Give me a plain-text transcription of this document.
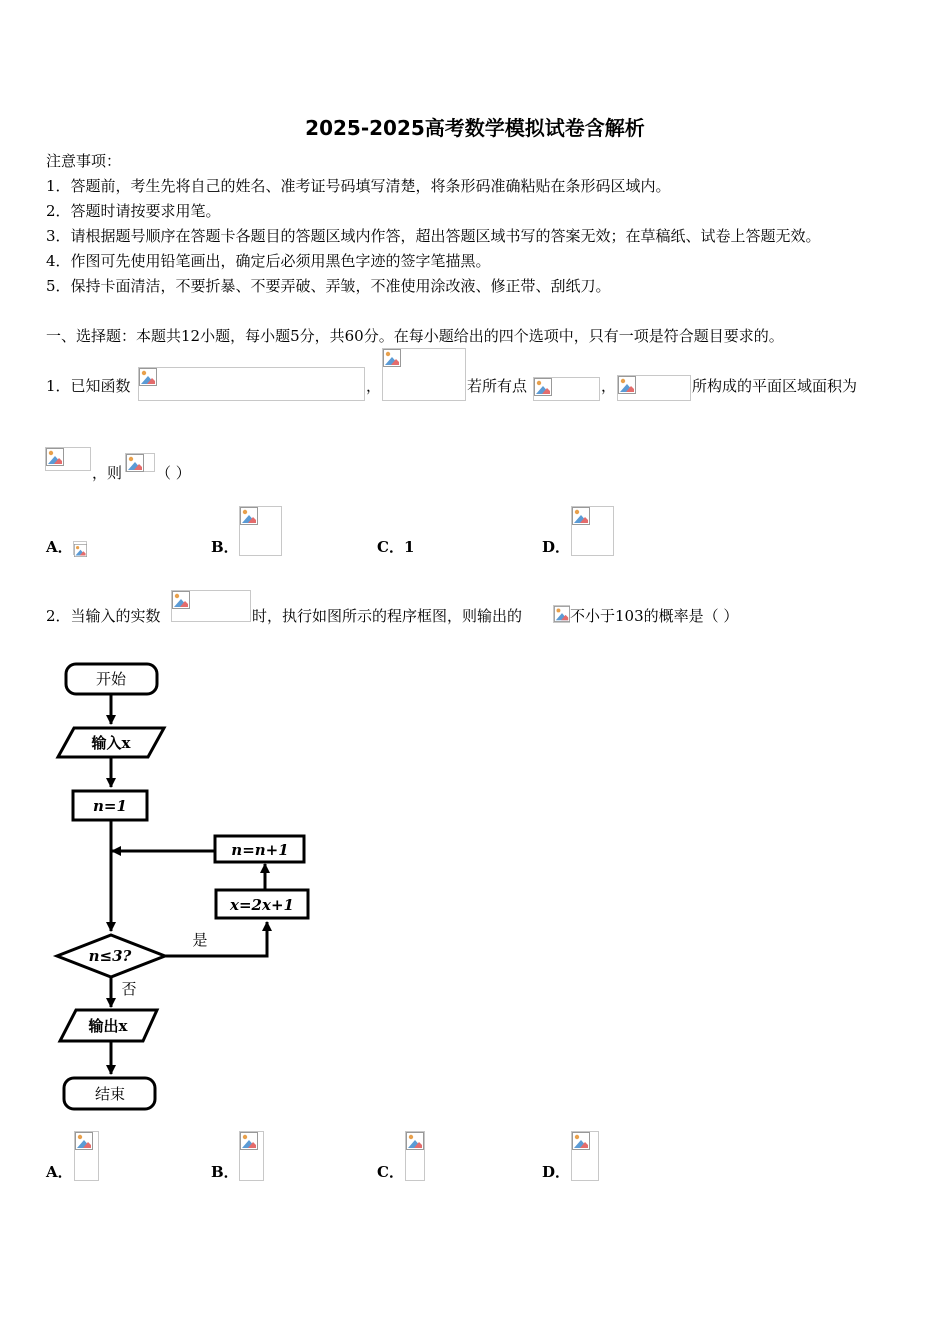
2025-2025高考数学模拟试卷含解析
注意事项：
1．答题前，考生先将自己的姓名、准考证号码填写清楚，将条形码准确粘贴在条形码区域内。
2．答题时请按要求用笔。
3．请根据题号顺序在答题卡各题目的答题区域内作答，超出答题区域书写的答案无效；在草稿纸、试卷上答题无效。
4．作图可先使用铅笔画出，确定后必须用黑色字迹的签字笔描黑。
5．保持卡面清洁，不要折暴、不要弄破、弄皱，不准使用涂改液、修正带、刮纸刀。
一、选择题：本题共12小题，每小题5分，共60分。在每小题给出的四个选项中，只有一项是符合题目要求的。
1．已知函数	，	若所有点	，	所构成的平面区域面积为
，则 （ ）
A．	B．	C．1	D．
2．当输入的实数	时，执行如图所示的程序框图，则输出的	不小于103的概率是（ ）
开始
输入x
n=1
n=n+1
x=2x+1
n≤3?
是
否
输出x
结束
A．	B．	C．	D．
